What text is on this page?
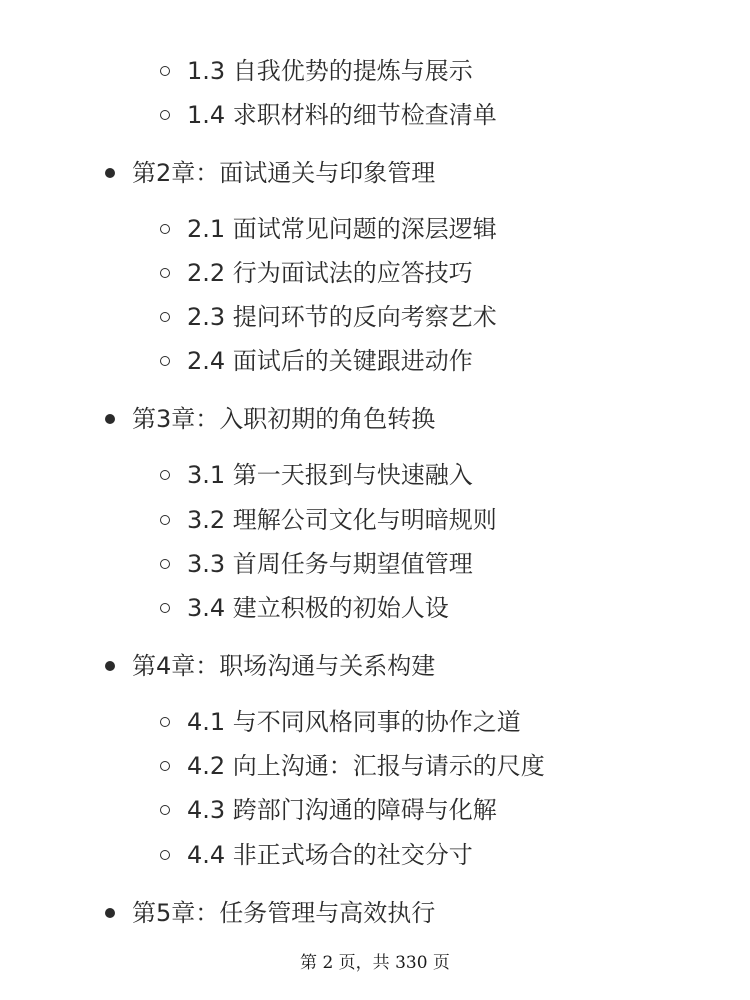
1.3 自我优势的提炼与展示
1.4 求职材料的细节检查清单
第2章：面试通关与印象管理
2.1 面试常见问题的深层逻辑
2.2 行为面试法的应答技巧
2.3 提问环节的反向考察艺术
2.4 面试后的关键跟进动作
第3章：入职初期的角色转换
3.1 第一天报到与快速融入
3.2 理解公司文化与明暗规则
3.3 首周任务与期望值管理
3.4 建立积极的初始人设
第4章：职场沟通与关系构建
4.1 与不同风格同事的协作之道
4.2 向上沟通：汇报与请示的尺度
4.3 跨部门沟通的障碍与化解
4.4 非正式场合的社交分寸
第5章：任务管理与高效执行
第 2 页，共 330 页
